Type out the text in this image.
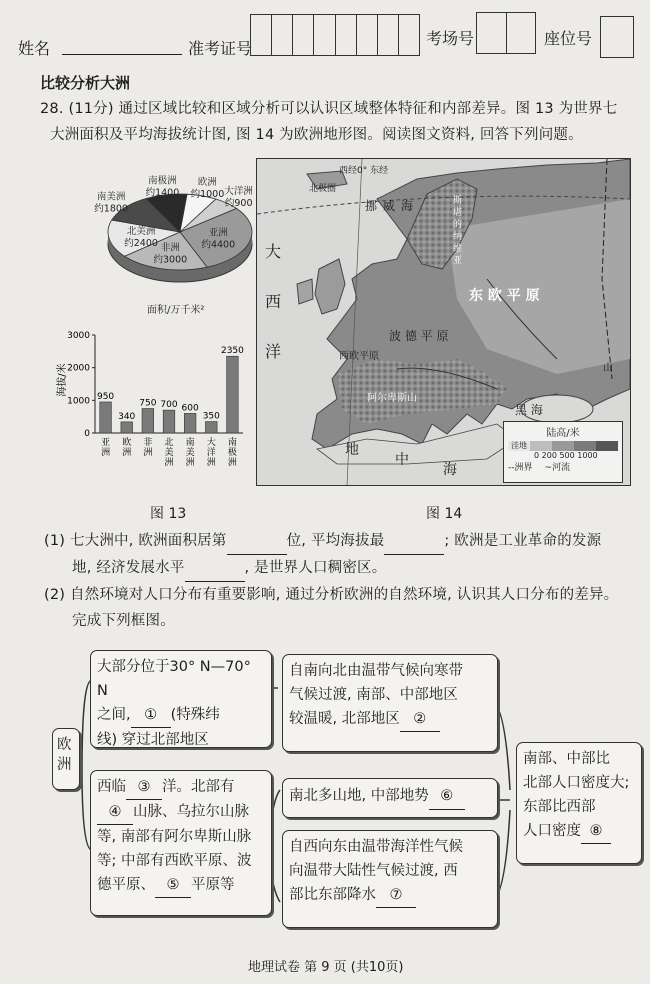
姓名	准考证号
考场号	座位号
比较分析大洲
28. (11分) 通过区域比较和区域分析可以认识区域整体特征和内部差异。图 13 为世界七
大洲面积及平均海拔统计图, 图 14 为欧洲地形图。阅读图文资料, 回答下列问题。
亚洲
约4400
非洲
约3000
北美洲
约2400
南美洲
约1800
南极洲
约1400
欧洲
约1000 大洋洲
约900
面积/万千米²
海拔/米
3000
2000
1000
0
950
亚洲
340
欧洲
750
非洲
700
北美洲
600
南美洲
350
大洋洲
2350
南极洲
图 13
西经0° 东经
北极圈
挪威海
大
西
洋
东 欧 平 原
波 德 平 原
西欧平原
阿尔卑斯山
黑 海
地
中
海
斯
堪
的
纳
维
亚
山
陆高/米
洼地
0 200 500 1000
--洲界 ~河流
图 14
(1) 七大洲中, 欧洲面积居第	位, 平均海拔最	; 欧洲是工业革命的发源
地, 经济发展水平	, 是世界人口稠密区。
(2) 自然环境对人口分布有重要影响, 通过分析欧洲的自然环境, 认识其人口分布的差异。
完成下列框图。
欧洲
大部分位于30° N—70° N
之间, ① (特殊纬
线) 穿过北部地区
自南向北由温带气候向寒带
气候过渡, 南部、中部地区
较温暖, 北部地区 ②
西临 ③ 洋。北部有
④ 山脉、乌拉尔山脉
等, 南部有阿尔卑斯山脉
等; 中部有西欧平原、波
德平原、 ⑤ 平原等
南北多山地, 中部地势 ⑥
自西向东由温带海洋性气候
向温带大陆性气候过渡, 西
部比东部降水 ⑦
南部、中部比
北部人口密度大;
东部比西部
人口密度 ⑧
地理试卷 第 9 页 (共10页)
